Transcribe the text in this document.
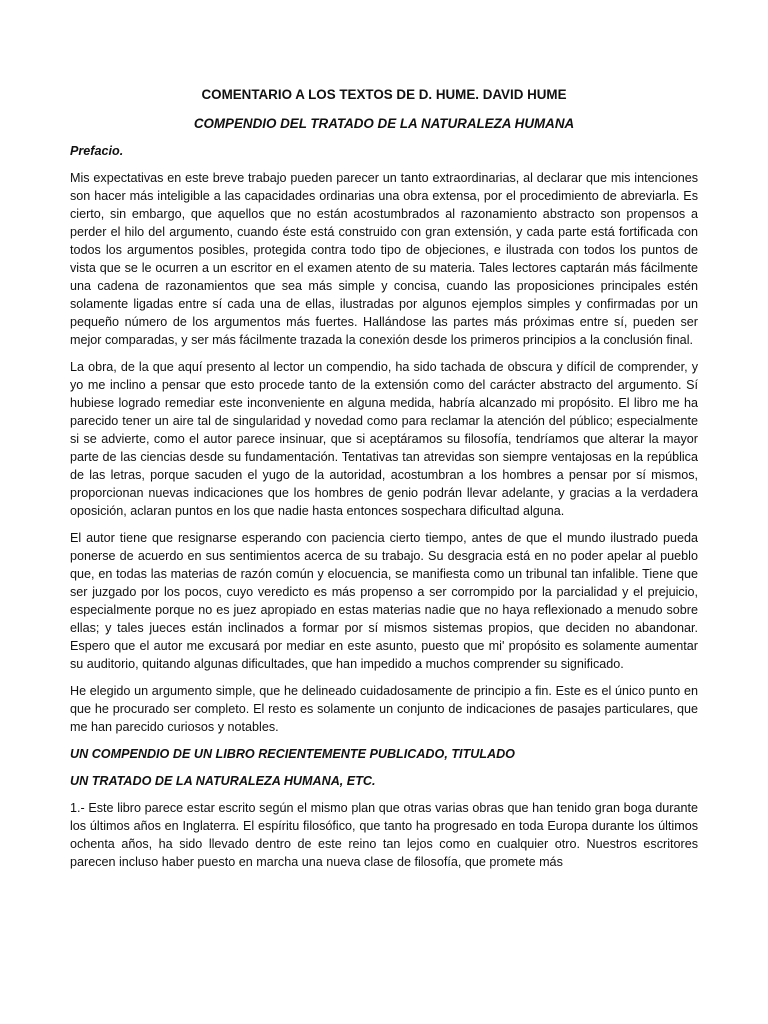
COMENTARIO A LOS TEXTOS DE D. HUME. DAVID HUME
COMPENDIO DEL TRATADO DE LA NATURALEZA HUMANA
Prefacio.
Mis expectativas en este breve trabajo pueden parecer un tanto extraordinarias, al declarar que mis intenciones son hacer más inteligible a las capacidades ordinarias una obra extensa, por el procedimiento de abreviarla. Es cierto, sin embargo, que aquellos que no están acostumbrados al razonamiento abstracto son propensos a perder el hilo del argumento, cuando éste está construido con gran extensión, y cada parte está fortificada con todos los argumentos posibles, protegida contra todo tipo de objeciones, e ilustrada con todos los puntos de vista que se le ocurren a un escritor en el examen atento de su materia. Tales lectores captarán más fácilmente una cadena de razonamientos que sea más simple y concisa, cuando las proposiciones principales estén solamente ligadas entre sí cada una de ellas, ilustradas por algunos ejemplos simples y confirmadas por un pequeño número de los argumentos más fuertes. Hallándose las partes más próximas entre sí, pueden ser mejor comparadas, y ser más fácilmente trazada la conexión desde los primeros principios a la conclusión final.
La obra, de la que aquí presento al lector un compendio, ha sido tachada de obscura y difícil de comprender, y yo me inclino a pensar que esto procede tanto de la extensión como del carácter abstracto del argumento. Sí hubiese logrado remediar este inconveniente en alguna medida, habría alcanzado mi propósito. El libro me ha parecido tener un aire tal de singularidad y novedad como para reclamar la atención del público; especialmente si se advierte, como el autor parece insinuar, que si aceptáramos su filosofía, tendríamos que alterar la mayor parte de las ciencias desde su fundamentación. Tentativas tan atrevidas son siempre ventajosas en la república de las letras, porque sacuden el yugo de la autoridad, acostumbran a los hombres a pensar por sí mismos, proporcionan nuevas indicaciones que los hombres de genio podrán llevar adelante, y gracias a la verdadera oposición, aclaran puntos en los que nadie hasta entonces sospechara dificultad alguna.
El autor tiene que resignarse esperando con paciencia cierto tiempo, antes de que el mundo ilustrado pueda ponerse de acuerdo en sus sentimientos acerca de su trabajo. Su desgracia está en no poder apelar al pueblo que, en todas las materias de razón común y elocuencia, se manifiesta como un tribunal tan infalible. Tiene que ser juzgado por los pocos, cuyo veredicto es más propenso a ser corrompido por la parcialidad y el prejuicio, especialmente porque no es juez apropiado en estas materias nadie que no haya reflexionado a menudo sobre ellas; y tales jueces están inclinados a formar por sí mismos sistemas propios, que deciden no abandonar. Espero que el autor me excusará por mediar en este asunto, puesto que mi' propósito es solamente aumentar su auditorio, quitando algunas dificultades, que han impedido a muchos comprender su significado.
He elegido un argumento simple, que he delineado cuidadosamente de principio a fin. Este es el único punto en que he procurado ser completo. El resto es solamente un conjunto de indicaciones de pasajes particulares, que me han parecido curiosos y notables.
UN COMPENDIO DE UN LIBRO RECIENTEMENTE PUBLICADO, TITULADO
UN TRATADO DE LA NATURALEZA HUMANA, ETC.
1.- Este libro parece estar escrito según el mismo plan que otras varias obras que han tenido gran boga durante los últimos años en Inglaterra. El espíritu filosófico, que tanto ha progresado en toda Europa durante los últimos ochenta años, ha sido llevado dentro de este reino tan lejos como en cualquier otro. Nuestros escritores parecen incluso haber puesto en marcha una nueva clase de filosofía, que promete más
